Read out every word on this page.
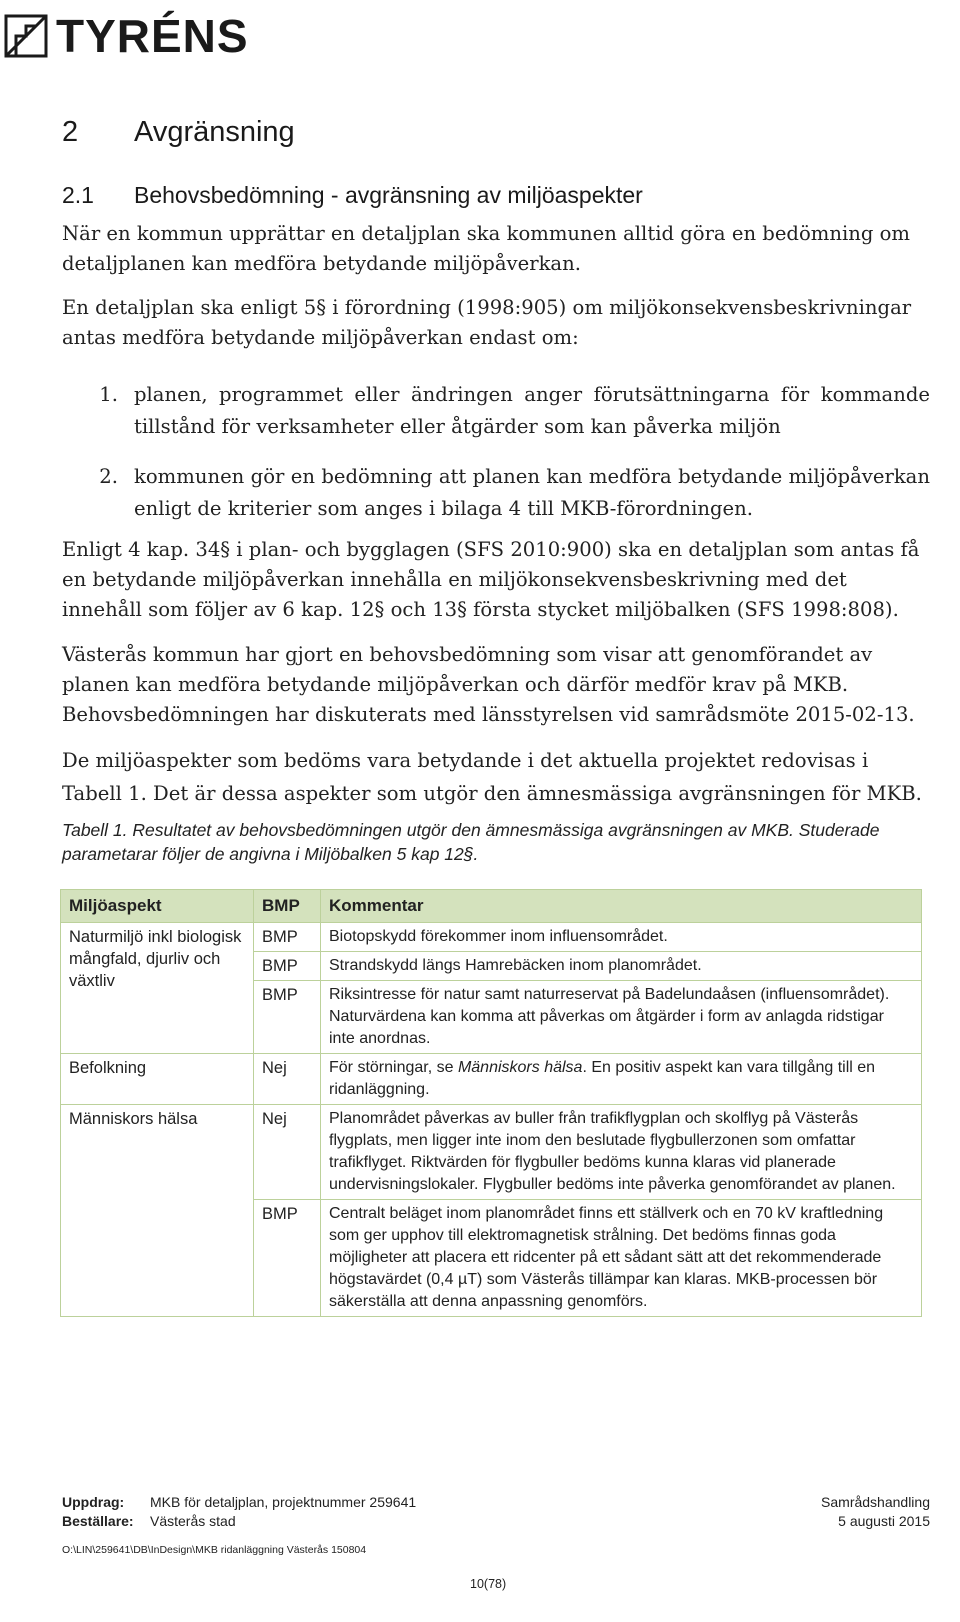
TYRÉNS
2	Avgränsning
2.1	Behovsbedömning - avgränsning av miljöaspekter

När en kommun upprättar en detaljplan ska kommunen alltid göra en bedömning om detaljplanen kan medföra betydande miljöpåverkan.

En detaljplan ska enligt 5§ i förordning (1998:905) om miljökonsekvensbeskrivningar antas medföra betydande miljöpåverkan endast om:

1. planen, programmet eller ändringen anger förutsättningarna för kommande tillstånd för verksamheter eller åtgärder som kan påverka miljön
2. kommunen gör en bedömning att planen kan medföra betydande miljöpåverkan enligt de kriterier som anges i bilaga 4 till MKB-förordningen.

Enligt 4 kap. 34§ i plan- och bygglagen (SFS 2010:900) ska en detaljplan som antas få en betydande miljöpåverkan innehålla en miljökonsekvensbeskrivning med det innehåll som följer av 6 kap. 12§ och 13§ första stycket miljöbalken (SFS 1998:808).

Västerås kommun har gjort en behovsbedömning som visar att genomförandet av planen kan medföra betydande miljöpåverkan och därför medför krav på MKB. Behovsbedömningen har diskuterats med länsstyrelsen vid samrådsmöte 2015-02-13.

De miljöaspekter som bedöms vara betydande i det aktuella projektet redovisas i Tabell 1. Det är dessa aspekter som utgör den ämnesmässiga avgränsningen för MKB.

Tabell 1. Resultatet av behovsbedömningen utgör den ämnesmässiga avgränsningen av MKB. Studerade parametarar följer de angivna i Miljöbalken 5 kap 12§.

Miljöaspekt	BMP	Kommentar
Naturmiljö inkl biologisk mångfald, djurliv och växtliv	BMP	Biotopskydd förekommer inom influensområdet.
	BMP	Strandskydd längs Hamrebäcken inom planområdet.
	BMP	Riksintresse för natur samt naturreservat på Badelundaåsen (influensområdet). Naturvärdena kan komma att påverkas om åtgärder i form av anlagda ridstigar inte anordnas.
Befolkning	Nej	För störningar, se Människors hälsa. En positiv aspekt kan vara tillgång till en ridanläggning.
Människors hälsa	Nej	Planområdet påverkas av buller från trafikflygplan och skolflyg på Västerås flygplats, men ligger inte inom den beslutade flygbullerzonen som omfattar trafikflyget. Riktvärden för flygbuller bedöms kunna klaras vid planerade undervisningslokaler. Flygbuller bedöms inte påverka genomförandet av planen.
	BMP	Centralt beläget inom planområdet finns ett ställverk och en 70 kV kraftledning som ger upphov till elektromagnetisk strålning. Det bedöms finnas goda möjligheter att placera ett ridcenter på ett sådant sätt att det rekommenderade högstavärdet (0,4 µT) som Västerås tillämpar kan klaras. MKB-processen bör säkerställa att denna anpassning genomförs.
Uppdrag:	MKB för detaljplan, projektnummer 259641	Samrådshandling
Beställare:	Västerås stad	5 augusti 2015
O:\LIN\259641\DB\InDesign\MKB ridanläggning Västerås 150804
10(78)
